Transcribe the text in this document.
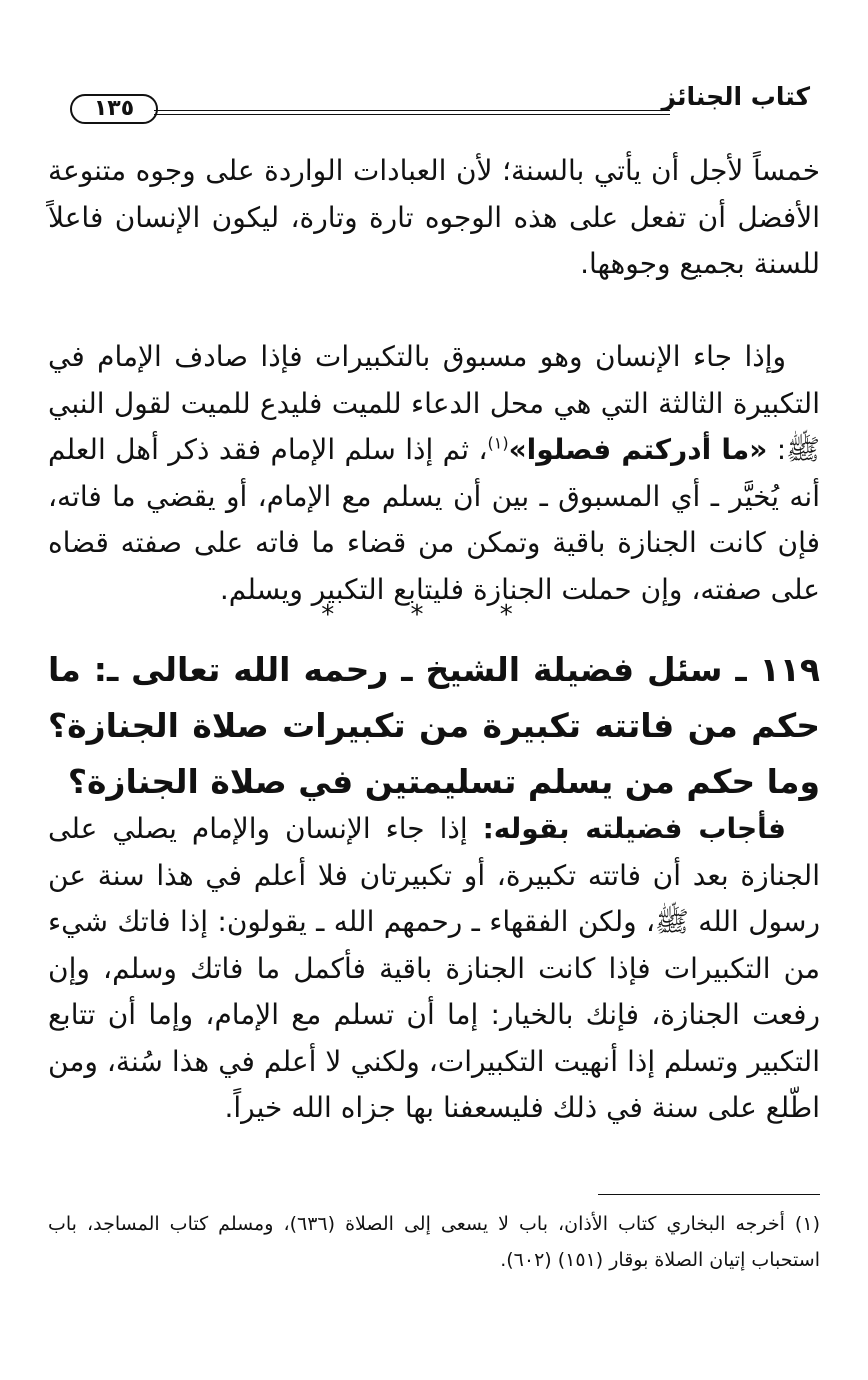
كتاب الجنائز
١٣٥
خمساً لأجل أن يأتي بالسنة؛ لأن العبادات الواردة على وجوه متنوعة الأفضل أن تفعل على هذه الوجوه تارة وتارة، ليكون الإنسان فاعلاً للسنة بجميع وجوهها.
وإذا جاء الإنسان وهو مسبوق بالتكبيرات فإذا صادف الإمام في التكبيرة الثالثة التي هي محل الدعاء للميت فليدع للميت لقول النبي ﷺ: «ما أدركتم فصلوا»$^{(١)}$، ثم إذا سلم الإمام فقد ذكر أهل العلم أنه يُخيَّر ـ أي المسبوق ـ بين أن يسلم مع الإمام، أو يقضي ما فاته، فإن كانت الجنازة باقية وتمكن من قضاء ما فاته على صفته قضاه على صفته، وإن حملت الجنازة فليتابع التكبير ويسلم.
* * *
١١٩ ـ سئل فضيلة الشيخ ـ رحمه الله تعالى ـ: ما حكم من فاتته تكبيرة من تكبيرات صلاة الجنازة؟ وما حكم من يسلم تسليمتين في صلاة الجنازة؟
فأجاب فضيلته بقوله: إذا جاء الإنسان والإمام يصلي على الجنازة بعد أن فاتته تكبيرة، أو تكبيرتان فلا أعلم في هذا سنة عن رسول الله ﷺ، ولكن الفقهاء ـ رحمهم الله ـ يقولون: إذا فاتك شيء من التكبيرات فإذا كانت الجنازة باقية فأكمل ما فاتك وسلم، وإن رفعت الجنازة، فإنك بالخيار: إما أن تسلم مع الإمام، وإما أن تتابع التكبير وتسلم إذا أنهيت التكبيرات، ولكني لا أعلم في هذا سُنة، ومن اطّلع على سنة في ذلك فليسعفنا بها جزاه الله خيراً.
(١) أخرجه البخاري كتاب الأذان، باب لا يسعى إلى الصلاة (٦٣٦)، ومسلم كتاب المساجد، باب استحباب إتيان الصلاة بوقار (١٥١) (٦٠٢).
